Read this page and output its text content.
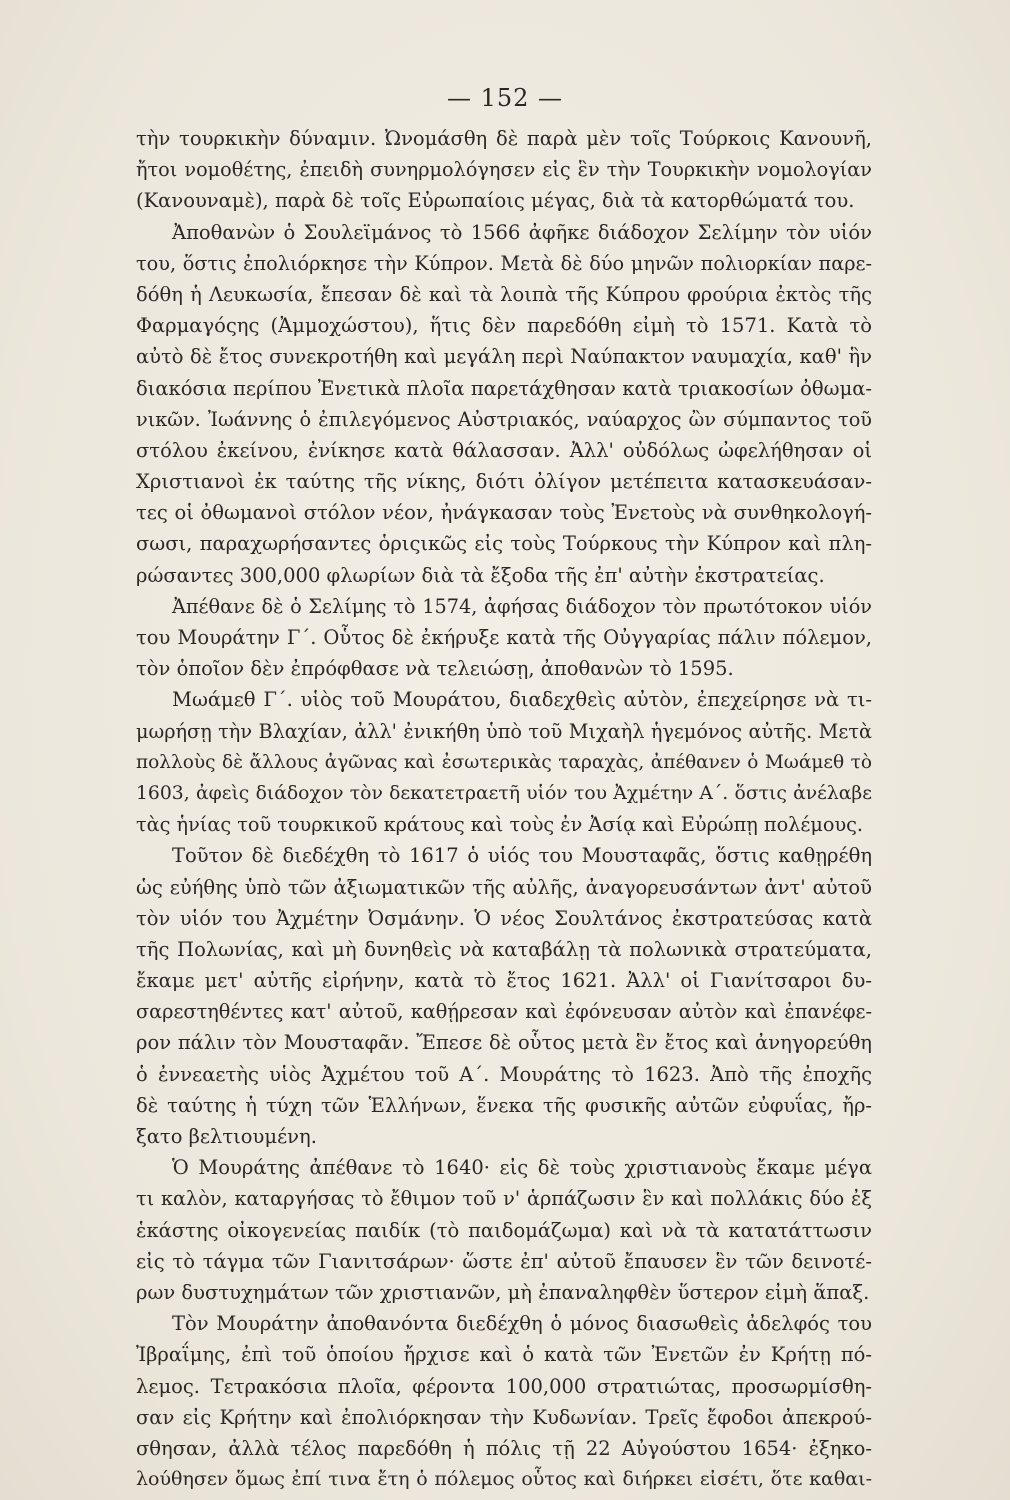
— 152 —
τὴν τουρκικὴν δύναμιν. Ὠνομάσθη δὲ παρὰ μὲν τοῖς Τούρκοις Κανουνῆ,
ἤτοι νομοθέτης, ἐπειδὴ συνηρμολόγησεν εἰς ἓν τὴν Τουρκικὴν νομολογίαν
(Κανουναμὲ), παρὰ δὲ τοῖς Εὐρωπαίοις μέγας, διὰ τὰ κατορθώματά του.
Ἀποθανὼν ὁ Σουλεϊμάνος τὸ 1566 ἀφῆκε διάδοχον Σελίμην τὸν υἱόν
του, ὅστις ἐπολιόρκησε τὴν Κύπρον. Μετὰ δὲ δύο μηνῶν πολιορκίαν παρε-
δόθη ἡ Λευκωσία, ἔπεσαν δὲ καὶ τὰ λοιπὰ τῆς Κύπρου φρούρια ἐκτὸς τῆς
Φαρμαγόςης (Ἀμμοχώστου), ἥτις δὲν παρεδόθη εἰμὴ τὸ 1571. Κατὰ τὸ
αὐτὸ δὲ ἔτος συνεκροτήθη καὶ μεγάλη περὶ Ναύπακτον ναυμαχία, καθ' ἣν
διακόσια περίπου Ἐνετικὰ πλοῖα παρετάχθησαν κατὰ τριακοσίων ὀθωμα-
νικῶν. Ἰωάννης ὁ ἐπιλεγόμενος Αὐστριακός, ναύαρχος ὢν σύμπαντος τοῦ
στόλου ἐκείνου, ἐνίκησε κατὰ θάλασσαν. Ἀλλ' οὐδόλως ὠφελήθησαν οἱ
Χριστιανοὶ ἐκ ταύτης τῆς νίκης, διότι ὀλίγον μετέπειτα κατασκευάσαν-
τες οἱ ὀθωμανοὶ στόλον νέον, ἠνάγκασαν τοὺς Ἐνετοὺς νὰ συνθηκολογή-
σωσι, παραχωρήσαντες ὁριςικῶς εἰς τοὺς Τούρκους τὴν Κύπρον καὶ πλη-
ρώσαντες 300,000 φλωρίων διὰ τὰ ἔξοδα τῆς ἐπ' αὐτὴν ἐκστρατείας.
Ἀπέθανε δὲ ὁ Σελίμης τὸ 1574, ἀφήσας διάδοχον τὸν πρωτότοκον υἱόν
του Μουράτην Γ΄. Οὗτος δὲ ἐκήρυξε κατὰ τῆς Οὐγγαρίας πάλιν πόλεμον,
τὸν ὁποῖον δὲν ἐπρόφθασε νὰ τελειώσῃ, ἀποθανὼν τὸ 1595.
Μωάμεθ Γ΄. υἱὸς τοῦ Μουράτου, διαδεχθεὶς αὐτὸν, ἐπεχείρησε νὰ τι-
μωρήσῃ τὴν Βλαχίαν, ἀλλ' ἐνικήθη ὑπὸ τοῦ Μιχαὴλ ἡγεμόνος αὐτῆς. Μετὰ
πολλοὺς δὲ ἄλλους ἀγῶνας καὶ ἐσωτερικὰς ταραχὰς, ἀπέθανεν ὁ Μωάμεθ τὸ
1603, ἀφεὶς διάδοχον τὸν δεκατετραετῆ υἱόν του Ἀχμέτην Α΄. ὅστις ἀνέλαβε
τὰς ἡνίας τοῦ τουρκικοῦ κράτους καὶ τοὺς ἐν Ἀσίᾳ καὶ Εὐρώπῃ πολέμους.
Τοῦτον δὲ διεδέχθη τὸ 1617 ὁ υἱός του Μουσταφᾶς, ὅστις καθῃρέθη
ὡς εὐήθης ὑπὸ τῶν ἀξιωματικῶν τῆς αὐλῆς, ἀναγορευσάντων ἀντ' αὐτοῦ
τὸν υἱόν του Ἀχμέτην Ὀσμάνην. Ὁ νέος Σουλτάνος ἐκστρατεύσας κατὰ
τῆς Πολωνίας, καὶ μὴ δυνηθεὶς νὰ καταβάλῃ τὰ πολωνικὰ στρατεύματα,
ἔκαμε μετ' αὐτῆς εἰρήνην, κατὰ τὸ ἔτος 1621. Ἀλλ' οἱ Γιανίτσαροι δυ-
σαρεστηθέντες κατ' αὐτοῦ, καθῄρεσαν καὶ ἐφόνευσαν αὐτὸν καὶ ἐπανέφε-
ρον πάλιν τὸν Μουσταφᾶν. Ἔπεσε δὲ οὗτος μετὰ ἓν ἔτος καὶ ἀνηγορεύθη
ὁ ἐννεαετὴς υἱὸς Ἀχμέτου τοῦ Α΄. Μουράτης τὸ 1623. Ἀπὸ τῆς ἐποχῆς
δὲ ταύτης ἡ τύχη τῶν Ἑλλήνων, ἕνεκα τῆς φυσικῆς αὐτῶν εὐφυΐας, ἤρ-
ξατο βελτιουμένη.
Ὁ Μουράτης ἀπέθανε τὸ 1640· εἰς δὲ τοὺς χριστιανοὺς ἔκαμε μέγα
τι καλὸν, καταργήσας τὸ ἔθιμον τοῦ ν' ἁρπάζωσιν ἓν καὶ πολλάκις δύο ἐξ
ἑκάστης οἰκογενείας παιδίκ (τὸ παιδομάζωμα) καὶ νὰ τὰ κατατάττωσιν
εἰς τὸ τάγμα τῶν Γιανιτσάρων· ὥστε ἐπ' αὐτοῦ ἔπαυσεν ἓν τῶν δεινοτέ-
ρων δυστυχημάτων τῶν χριστιανῶν, μὴ ἐπαναληφθὲν ὕστερον εἰμὴ ἅπαξ.
Τὸν Μουράτην ἀποθανόντα διεδέχθη ὁ μόνος διασωθεὶς ἀδελφός του
Ἰβραΐμης, ἐπὶ τοῦ ὁποίου ἤρχισε καὶ ὁ κατὰ τῶν Ἐνετῶν ἐν Κρήτῃ πό-
λεμος. Τετρακόσια πλοῖα, φέροντα 100,000 στρατιώτας, προσωρμίσθη-
σαν εἰς Κρήτην καὶ ἐπολιόρκησαν τὴν Κυδωνίαν. Τρεῖς ἔφοδοι ἀπεκρού-
σθησαν, ἀλλὰ τέλος παρεδόθη ἡ πόλις τῇ 22 Αὐγούστου 1654· ἐξηκο-
λούθησεν ὅμως ἐπί τινα ἔτη ὁ πόλεμος οὗτος καὶ διήρκει εἰσέτι, ὅτε καθαι-
